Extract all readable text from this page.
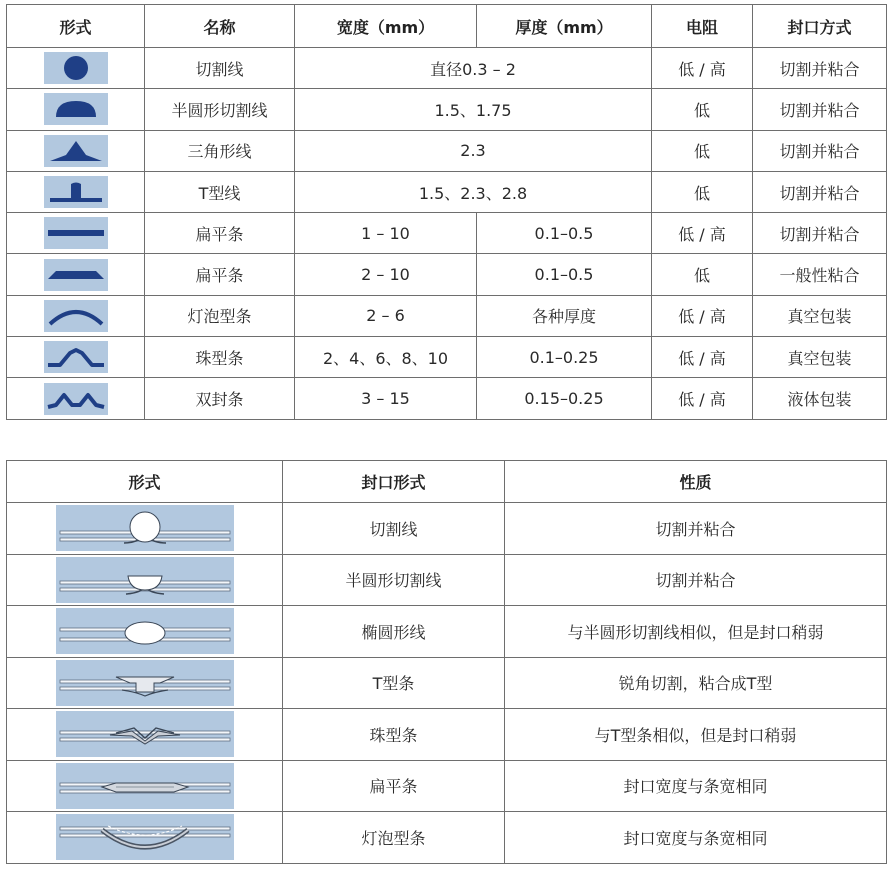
形式	名称	宽度（mm）	厚度（mm）	电阻	封口方式

	切割线	直径0.3 – 2		低 / 高	切割并粘合

	半圆形切割线	1.5、1.75		低	切割并粘合

	三角形线	2.3		低	切割并粘合

	T型线	1.5、2.3、2.8		低	切割并粘合

	扁平条	1 – 10	0.1–0.5	低 / 高	切割并粘合

	扁平条	2 – 10	0.1–0.5	低	一般性粘合

	灯泡型条	2 – 6	各种厚度	低 / 高	真空包装

	珠型条	2、4、6、8、10	0.1–0.25	低 / 高	真空包装

	双封条	3 – 15	0.15–0.25	低 / 高	液体包装
形式	封口形式	性质

	切割线	切割并粘合

	半圆形切割线	切割并粘合

	椭圆形线	与半圆形切割线相似，但是封口稍弱

	T型条	锐角切割，粘合成T型

	珠型条	与T型条相似，但是封口稍弱

	扁平条	封口宽度与条宽相同

	灯泡型条	封口宽度与条宽相同
